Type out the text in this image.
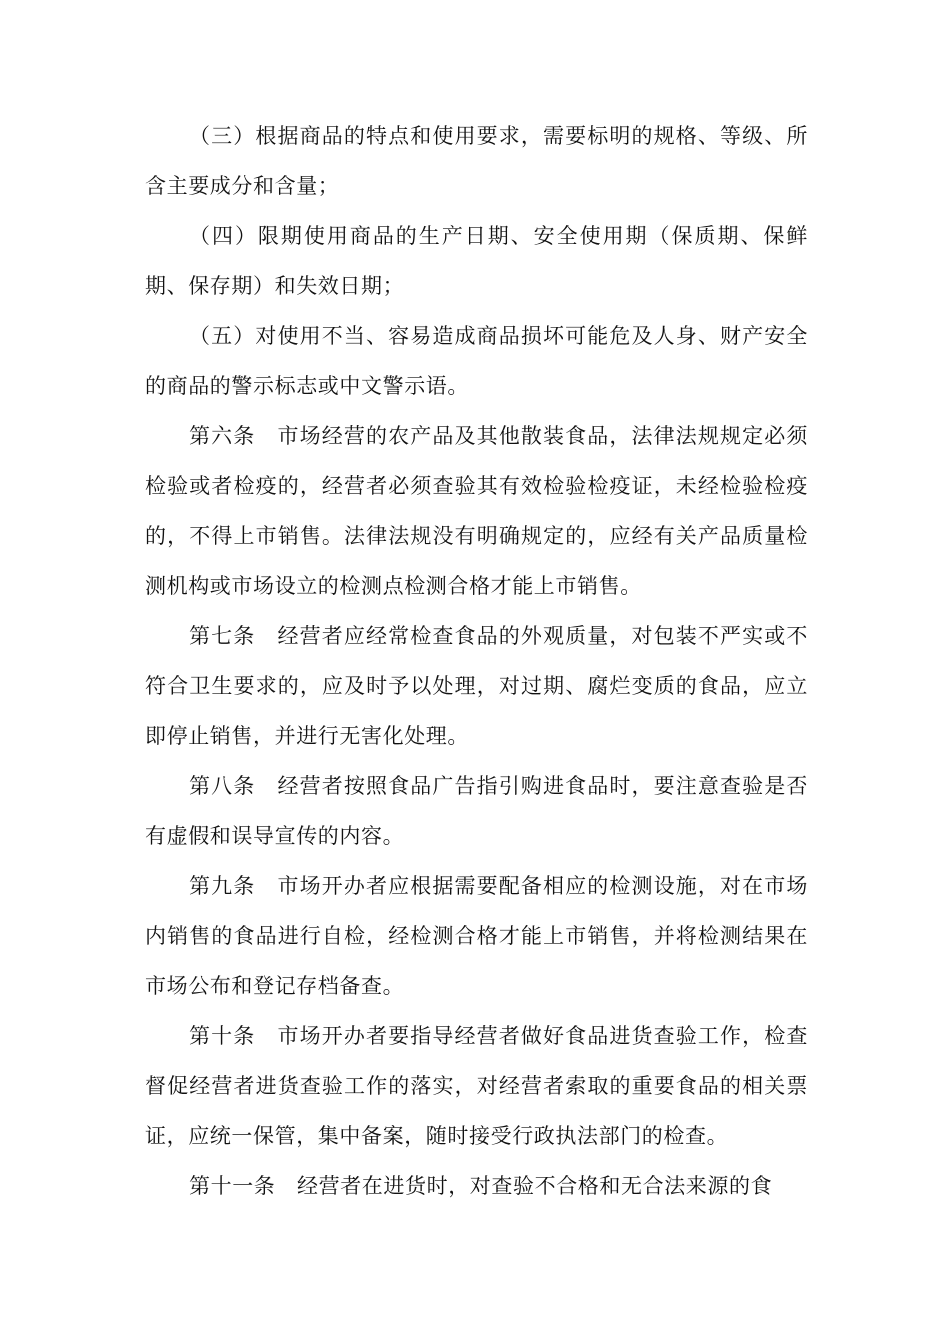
（三）根据商品的特点和使用要求，需要标明的规格、等级、所含主要成分和含量；

（四）限期使用商品的生产日期、安全使用期（保质期、保鲜期、保存期）和失效日期；

（五）对使用不当、容易造成商品损坏可能危及人身、财产安全的商品的警示标志或中文警示语。

第六条　市场经营的农产品及其他散装食品，法律法规规定必须检验或者检疫的，经营者必须查验其有效检验检疫证，未经检验检疫的，不得上市销售。法律法规没有明确规定的，应经有关产品质量检测机构或市场设立的检测点检测合格才能上市销售。

第七条　经营者应经常检查食品的外观质量，对包装不严实或不符合卫生要求的，应及时予以处理，对过期、腐烂变质的食品，应立即停止销售，并进行无害化处理。

第八条　经营者按照食品广告指引购进食品时，要注意查验是否有虚假和误导宣传的内容。

第九条　市场开办者应根据需要配备相应的检测设施，对在市场内销售的食品进行自检，经检测合格才能上市销售，并将检测结果在市场公布和登记存档备查。

第十条　市场开办者要指导经营者做好食品进货查验工作，检查督促经营者进货查验工作的落实，对经营者索取的重要食品的相关票证，应统一保管，集中备案，随时接受行政执法部门的检查。

第十一条　经营者在进货时，对查验不合格和无合法来源的食
